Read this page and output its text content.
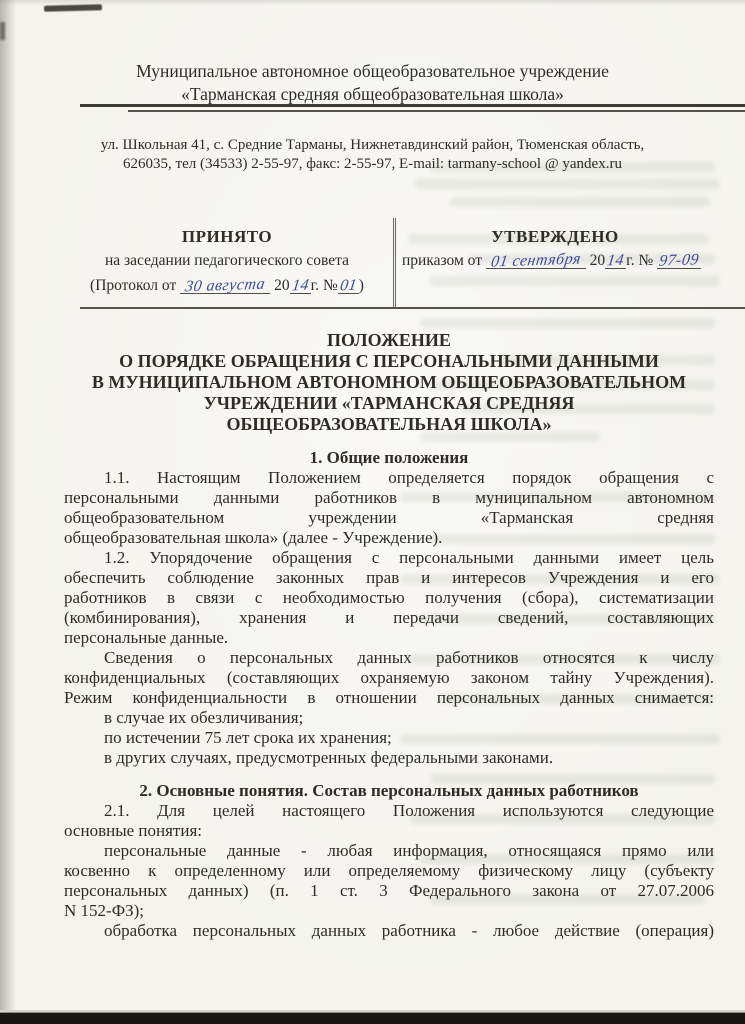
Муниципальное автономное общеобразовательное учреждение
«Тарманская средняя общеобразовательная школа»
ул. Школьная 41, с. Средние Тарманы, Нижнетавдинский район, Тюменская область,
626035, тел (34533) 2-55-97, факс: 2-55-97, E-mail: tarmany-school @ yandex.ru
ПРИНЯТО
на заседании педагогического совета
(Протокол от 30 августа 2014г. №01)
УТВЕРЖДЕНО
приказом от 01 сентября 2014г. № 97-09
ПОЛОЖЕНИЕ
О ПОРЯДКЕ ОБРАЩЕНИЯ С ПЕРСОНАЛЬНЫМИ ДАННЫМИ
В МУНИЦИПАЛЬНОМ АВТОНОМНОМ ОБЩЕОБРАЗОВАТЕЛЬНОМ
УЧРЕЖДЕНИИ «ТАРМАНСКАЯ СРЕДНЯЯ
ОБЩЕОБРАЗОВАТЕЛЬНАЯ ШКОЛА»
1. Общие положения
1.1. Настоящим Положением определяется порядок обращения с
персональными данными работников в муниципальном автономном
общеобразовательном учреждении «Тарманская средняя
общеобразовательная школа» (далее - Учреждение).
1.2. Упорядочение обращения с персональными данными имеет цель
обеспечить соблюдение законных прав и интересов Учреждения и его
работников в связи с необходимостью получения (сбора), систематизации
(комбинирования), хранения и передачи сведений, составляющих
персональные данные.
Сведения о персональных данных работников относятся к числу
конфиденциальных (составляющих охраняемую законом тайну Учреждения).
Режим конфиденциальности в отношении персональных данных снимается:
в случае их обезличивания;
по истечении 75 лет срока их хранения;
в других случаях, предусмотренных федеральными законами.
2. Основные понятия. Состав персональных данных работников
2.1. Для целей настоящего Положения используются следующие
основные понятия:
персональные данные - любая информация, относящаяся прямо или
косвенно к определенному или определяемому физическому лицу (субъекту
персональных данных) (п. 1 ст. 3 Федерального закона от 27.07.2006
N 152-ФЗ);
обработка персональных данных работника - любое действие (операция)
